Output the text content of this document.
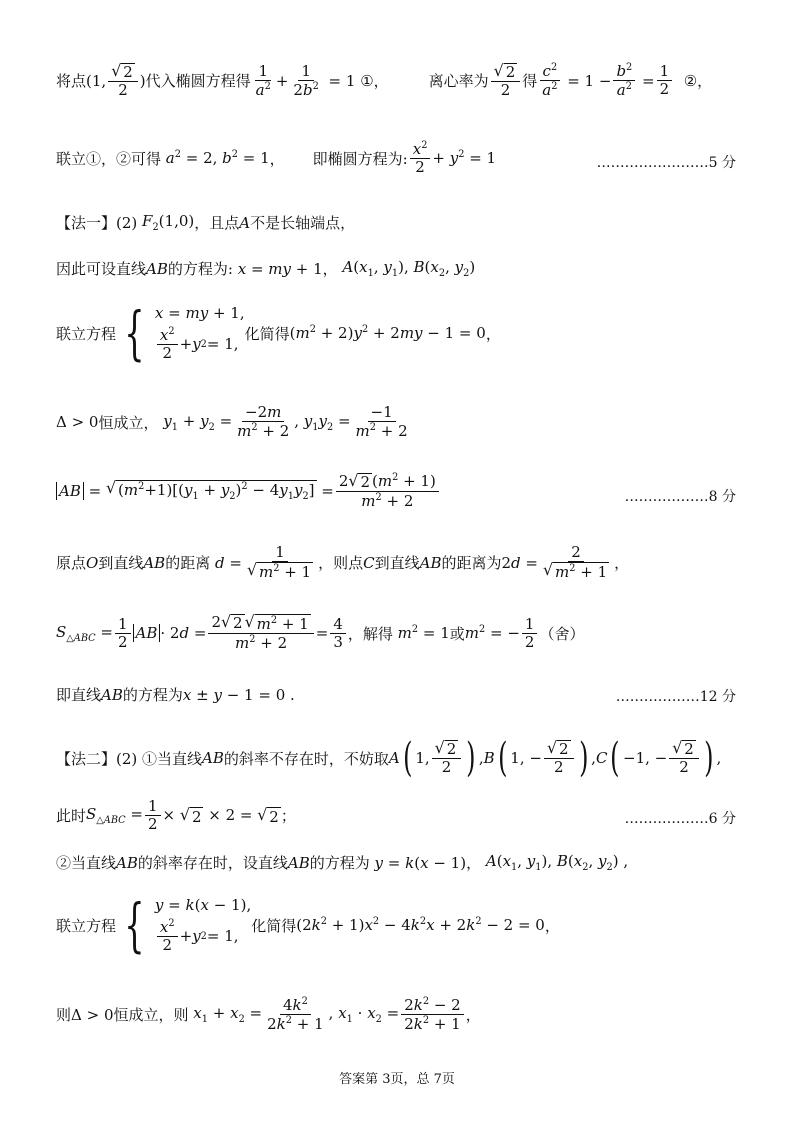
将点 (1, $\frac{√ 2}{2}$ ) 代入椭圆方程得 $\frac{1}{a^2} + \frac{1}{2b^2} = 1$ ①，	离心率为 $\frac{√ 2}{2}$ 得 $\frac{c^2}{a^2} = 1 - \frac{b^2}{a^2} = \frac{1}{2}$
②，
联立①，②可得 $a^2 = 2$, $b^2 = 1$ ， 即椭圆方程为: $\frac{x^2}{2} + y^2 = 1$	……………………5 分
【法一】(2) $F_2(1,0)$ ，且点 A 不是长轴端点，
因此可设直线 AB 的方程为: x = my + 1 ， $A(x_1$, $y_1$), $B(x_2$, $y_2$)
联立方程 { x = my + 1,
$\frac{x^2}{2} + y$ 2 = 1,
化简得 $(m^2 + 2)y^2 + 2my - 1 = 0$ ，
Δ > 0 恒成立， $y_1 + y_2 = \frac{-2m}{m^2 + 2}$ , $y_1y_2 = \frac{-1}{m^2 + 2}$
AB = √ $(m^2+1)[(y_1 + y_2)^2 - 4y_1y_2] = \frac{2 √ 2 (m^2 + 1)}{m^2 + 2}$	………………8 分
原点 O 到直线 AB 的距离 $d = \frac{1}{√ m^2 + 1}$ ，则点 C 到直线 AB 的距离为 $2d = \frac{2}{√ m^2 + 1}$ ，
$S_{\triangle ABC} = \frac{1}{2}$ AB · $2d = \frac{2 √ 2 √ m^2 + 1}{m^2 + 2} = \frac{4}{3}$ ，解得 $m^2 = 1$ 或 $m^2$ = − $\frac{1}{2}$ （舍）
即直线 AB 的方程为 x ± y − 1 = 0 .	………………12 分
【法二】(2) ①当直线 AB 的斜率不存在时，不妨取 A ( 1, $\frac{√ 2}{2}$ ) , B ( 1, − $\frac{√ 2}{2}$ ) , C ( −1, − $\frac{√ 2}{2}$ ) ,
此时 $S_{\triangle ABC} = \frac{1}{2}$ × √ 2 × 2 = √ 2 ；	………………6 分
②当直线 AB 的斜率存在时，设直线 AB 的方程为 y = k(x − 1) ， $A(x_1$, $y_1$), $B(x_2$, $y_2$) ,
联立方程 { y = k(x − 1),
$\frac{x^2}{2} + y$ 2 = 1,
化简得 $(2k^2 + 1)x^2 - 4k^2x + 2k^2 - 2 = 0$ ，
则 Δ > 0 恒成立，则 $x_1 + x_2 = \frac{4k^2}{2k^2 + 1}$ , $x_1 \cdot x_2 = \frac{2k^2 - 2}{2k^2 + 1}$ ，
答案第 3页，总 7页
